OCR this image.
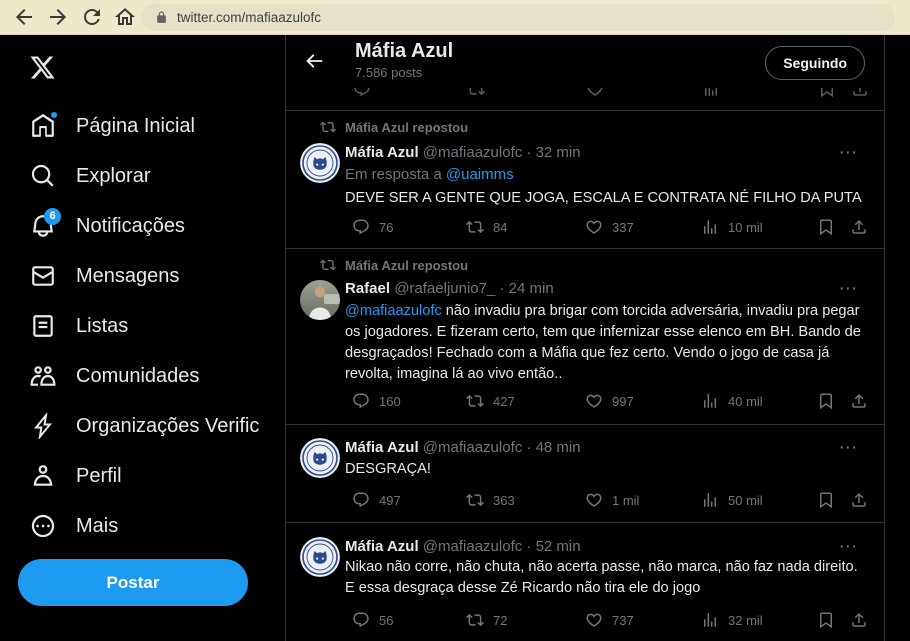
twitter.com/mafiaazulofc
Página Inicial
Explorar
6 Notificações
Mensagens
Listas
Comunidades
Organizações Verific
Perfil
Mais
Postar
Máfia Azul
7.586 posts
Seguindo
Máfia Azul repostou
Máfia Azul @mafiaazulofc · 32 min	···
Em resposta a @uaimms
DEVE SER A GENTE QUE JOGA, ESCALA E CONTRATA NÉ FILHO DA PUTA
76	84	337	10 mil
Máfia Azul repostou
Rafael @rafaeljunio7_ · 24 min	···
@mafiaazulofc não invadiu pra brigar com torcida adversária, invadiu pra pegar os jogadores. E fizeram certo, tem que infernizar esse elenco em BH. Bando de desgraçados! Fechado com a Máfia que fez certo. Vendo o jogo de casa já revolta, imagina lá ao vivo então..
160	427	997	40 mil
Máfia Azul @mafiaazulofc · 48 min	···
DESGRAÇA!
497	363	1 mil	50 mil
Máfia Azul @mafiaazulofc · 52 min	···
Nikao não corre, não chuta, não acerta passe, não marca, não faz nada direito. E essa desgraça desse Zé Ricardo não tira ele do jogo
56	72	737	32 mil
